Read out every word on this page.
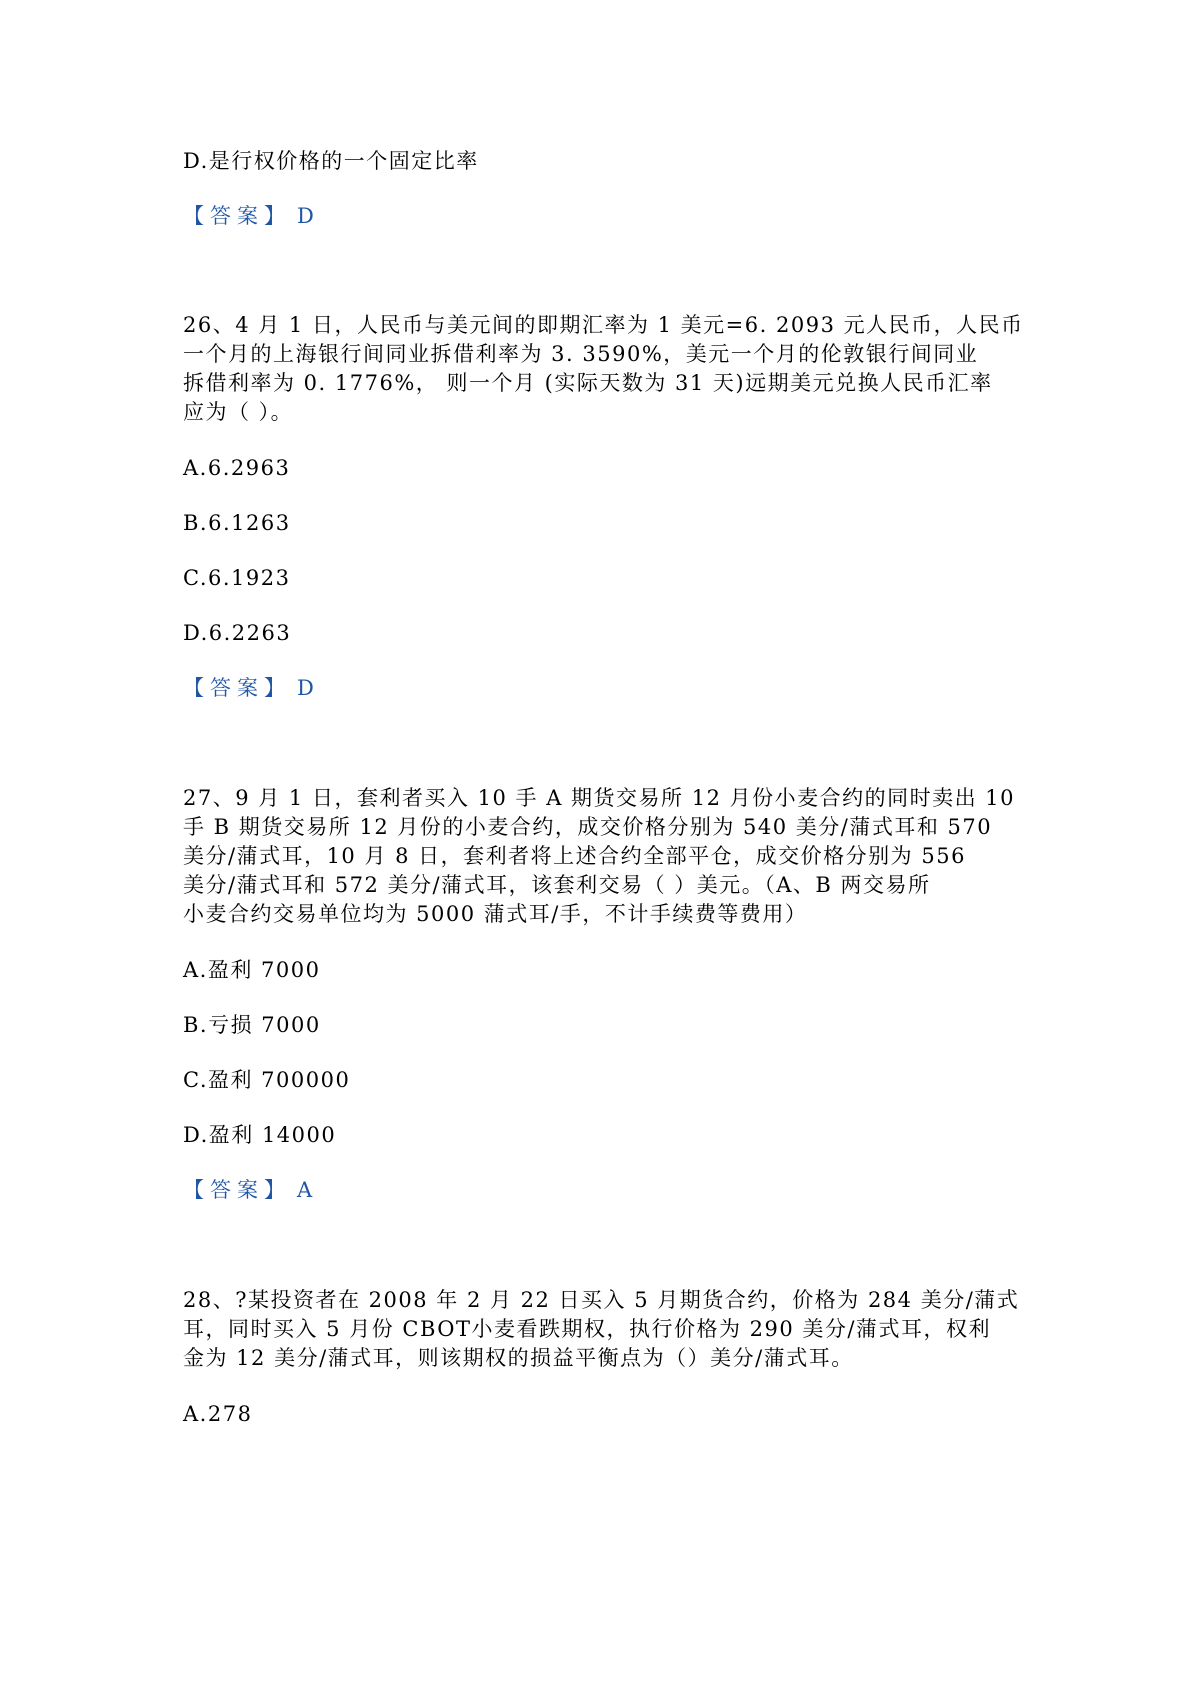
D.是行权价格的一个固定比率
【答案】 D
26、4 月 1 日，人民币与美元间的即期汇率为 1 美元=6. 2093 元人民币，人民币
一个月的上海银行间同业拆借利率为 3. 3590%，美元一个月的伦敦银行间同业
拆借利率为 0. 1776%， 则一个月 (实际天数为 31 天)远期美元兑换人民币汇率
应为（ ）。
A.6.2963
B.6.1263
C.6.1923
D.6.2263
【答案】 D
27、9 月 1 日，套利者买入 10 手 A 期货交易所 12 月份小麦合约的同时卖出 10
手 B 期货交易所 12 月份的小麦合约，成交价格分别为 540 美分/蒲式耳和 570
美分/蒲式耳，10 月 8 日，套利者将上述合约全部平仓，成交价格分别为 556
美分/蒲式耳和 572 美分/蒲式耳，该套利交易（ ）美元。（A、B 两交易所
小麦合约交易单位均为 5000 蒲式耳/手，不计手续费等费用）
A.盈利 7000
B.亏损 7000
C.盈利 700000
D.盈利 14000
【答案】 A
28、?某投资者在 2008 年 2 月 22 日买入 5 月期货合约，价格为 284 美分/蒲式
耳，同时买入 5 月份 CBOT小麦看跌期权，执行价格为 290 美分/蒲式耳，权利
金为 12 美分/蒲式耳，则该期权的损益平衡点为（）美分/蒲式耳。
A.278
